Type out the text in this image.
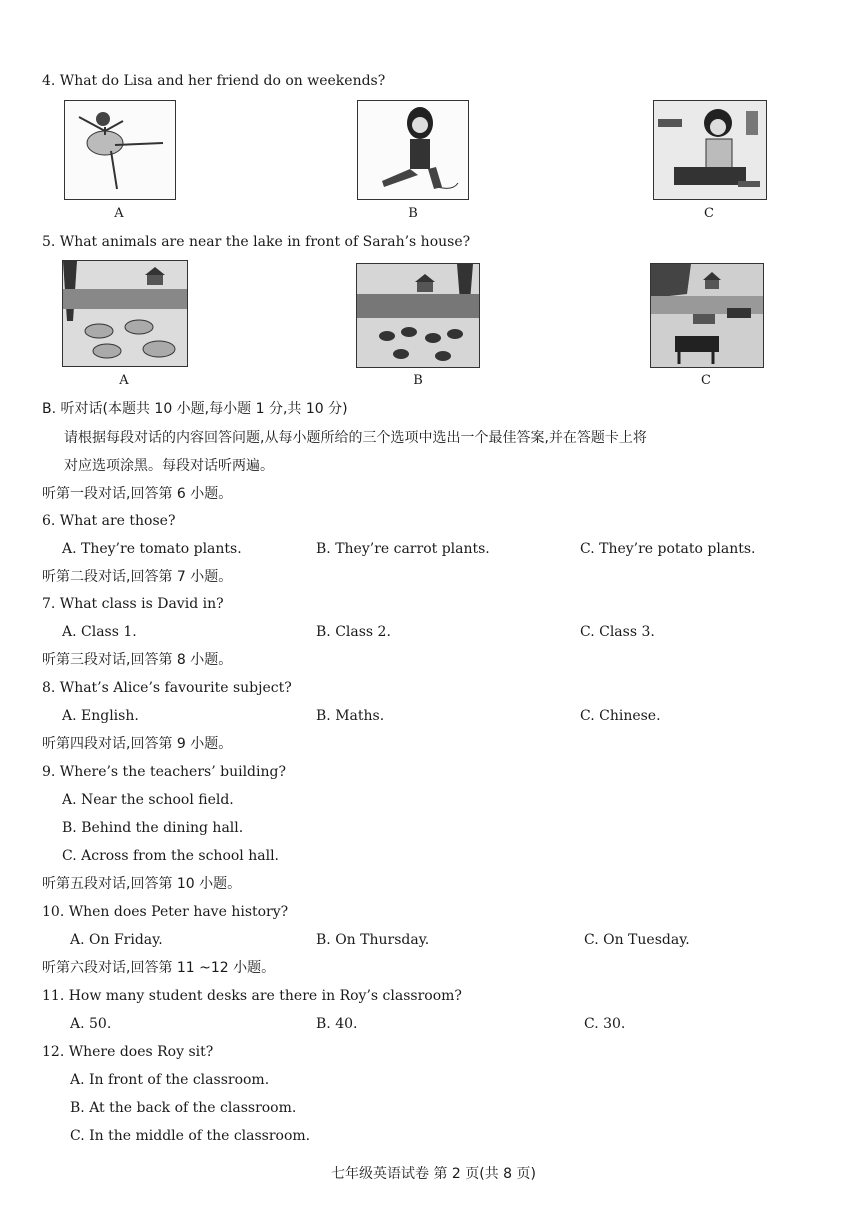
4. What do Lisa and her friend do on weekends?
A	B	C
5. What animals are near the lake in front of Sarah’s house?
A	B	C
B. 听对话(本题共 10 小题,每小题 1 分,共 10 分)
请根据每段对话的内容回答问题,从每小题所给的三个选项中选出一个最佳答案,并在答题卡上将
对应选项涂黑。每段对话听两遍。
听第一段对话,回答第 6 小题。
6. What are those?
A. They’re tomato plants.	B. They’re carrot plants.	C. They’re potato plants.
听第二段对话,回答第 7 小题。
7. What class is David in?
A. Class 1.	B. Class 2.	C. Class 3.
听第三段对话,回答第 8 小题。
8. What’s Alice’s favourite subject?
A. English.	B. Maths.	C. Chinese.
听第四段对话,回答第 9 小题。
9. Where’s the teachers’ building?
A. Near the school field.
B. Behind the dining hall.
C. Across from the school hall.
听第五段对话,回答第 10 小题。
10. When does Peter have history?
A. On Friday.	B. On Thursday.	C. On Tuesday.
听第六段对话,回答第 11 ~12 小题。
11. How many student desks are there in Roy’s classroom?
A. 50.	B. 40.	C. 30.
12. Where does Roy sit?
A. In front of the classroom.
B. At the back of the classroom.
C. In the middle of the classroom.
七年级英语试卷 第 2 页(共 8 页)
